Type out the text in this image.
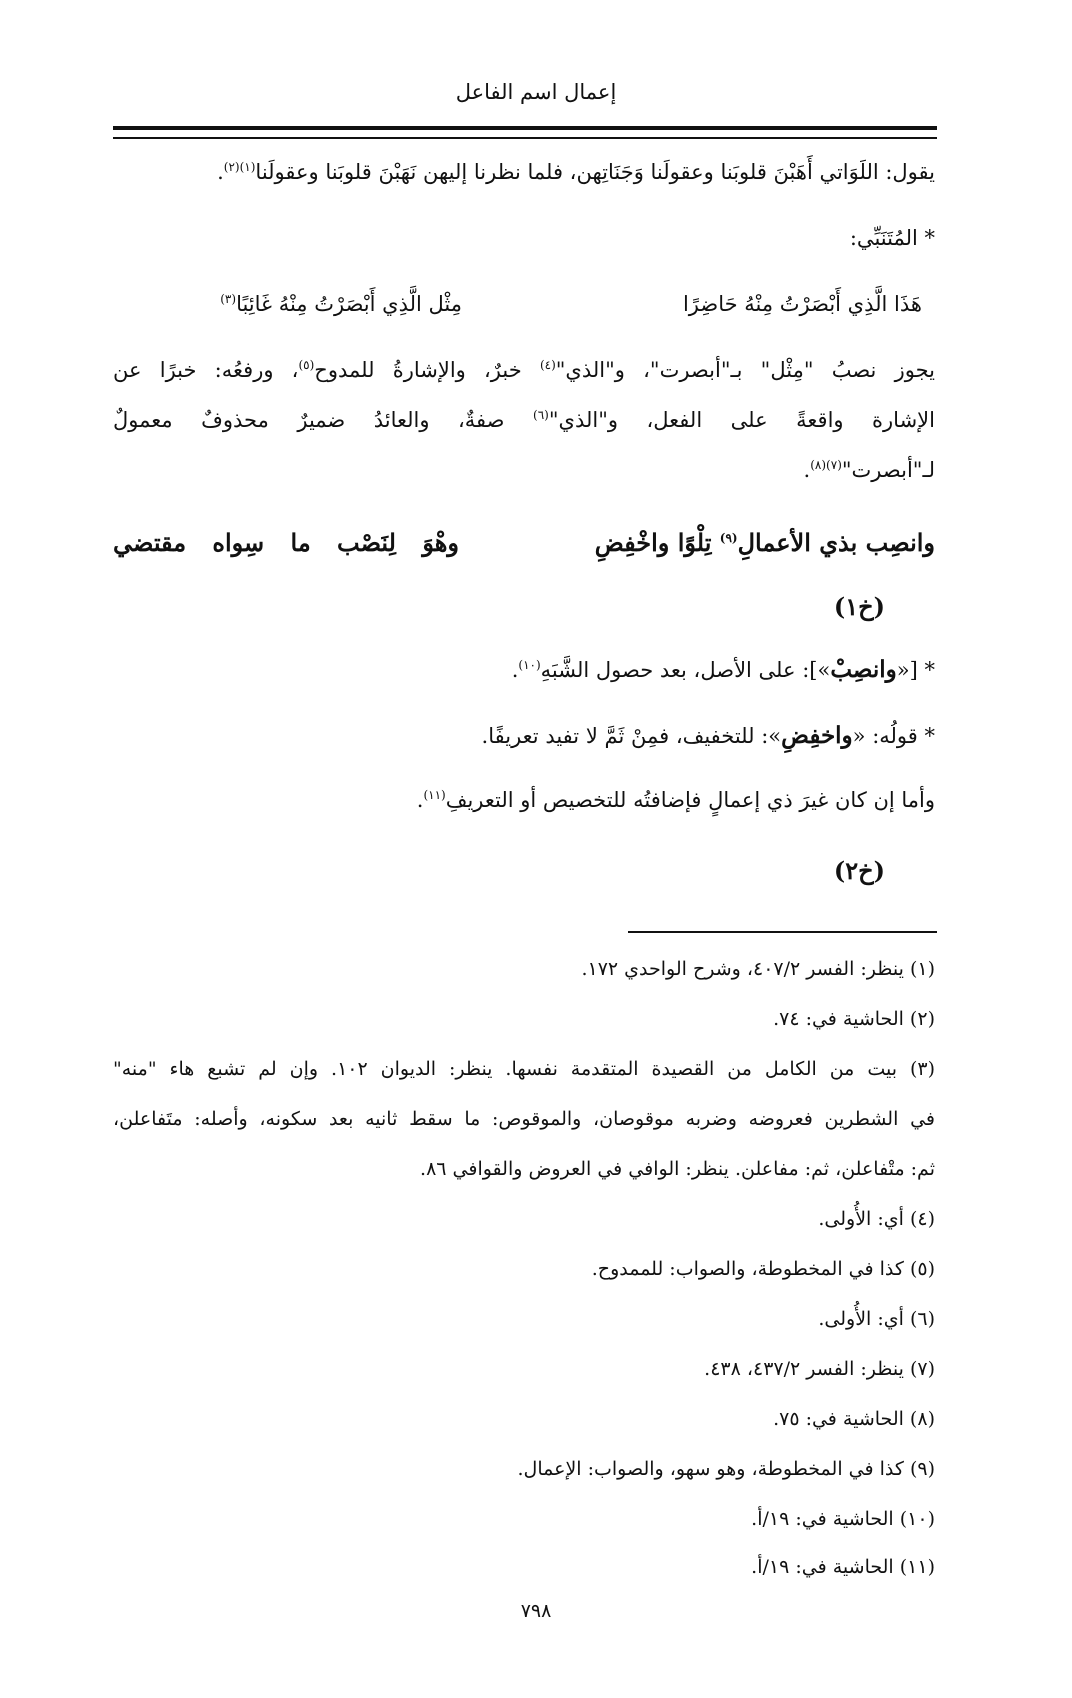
إعمال اسم الفاعل
يقول: اللَوَاتي أَهَبْنَ قلوبَنا وعقولَنا وَجَنَاتِهن، فلما نظرنا إليهن نَهَبْنَ قلوبَنا وعقولَنا$^{(١)(٢)}$.
* المُتَنَبِّي:
هَذَا الَّذِي أَبْصَرْتُ مِنْهُ حَاضِرًا
مِثْل الَّذِي أَبْصَرْتُ مِنْهُ غَائِبًا$^{(٣)}$
يجوز نصبُ "مِثْل" بـ"أبصرت"، و"الذي"$^{(٤)}$ خبرٌ، والإشارةُ للمدوح$^{(٥)}$، ورفعُه: خبرًا عن
الإشارة واقعةً على الفعل، و"الذي"$^{(٦)}$ صفةٌ، والعائدُ ضميرٌ محذوفٌ معمولٌ
لـ"أبصرت"$^{(٧)(٨)}$.
وانصِب بذي الأعمالِ$^{(٩)}$ تِلْوًا واخْفِضِ
وهْوَ لِنَصْب ما سِواه مقتضي
(خ١)
* [«وانصِبْ»]: على الأصل، بعد حصول الشَّبَهِ$^{(١٠)}$.
* قولُه: «واخفِضِ»: للتخفيف، فمِنْ ثَمَّ لا تفيد تعريفًا.
وأما إن كان غيرَ ذي إعمالٍ فإضافتُه للتخصيص أو التعريفِ$^{(١١)}$.
(خ٢)
(١) ينظر: الفسر ٤٠٧/٢، وشرح الواحدي ١٧٢.
(٢) الحاشية في: ٧٤.
(٣) بيت من الكامل من القصيدة المتقدمة نفسها. ينظر: الديوان ١٠٢. وإن لم تشبع هاء "منه"
في الشطرين فعروضه وضربه موقوصان، والموقوص: ما سقط ثانيه بعد سكونه، وأصله: متَفاعلن،
ثم: متْفاعلن، ثم: مفاعلن. ينظر: الوافي في العروض والقوافي ٨٦.
(٤) أي: الأُولى.
(٥) كذا في المخطوطة، والصواب: للممدوح.
(٦) أي: الأُولى.
(٧) ينظر: الفسر ٤٣٧/٢، ٤٣٨.
(٨) الحاشية في: ٧٥.
(٩) كذا في المخطوطة، وهو سهو، والصواب: الإعمال.
(١٠) الحاشية في: ١٩/أ.
(١١) الحاشية في: ١٩/أ.
٧٩٨
